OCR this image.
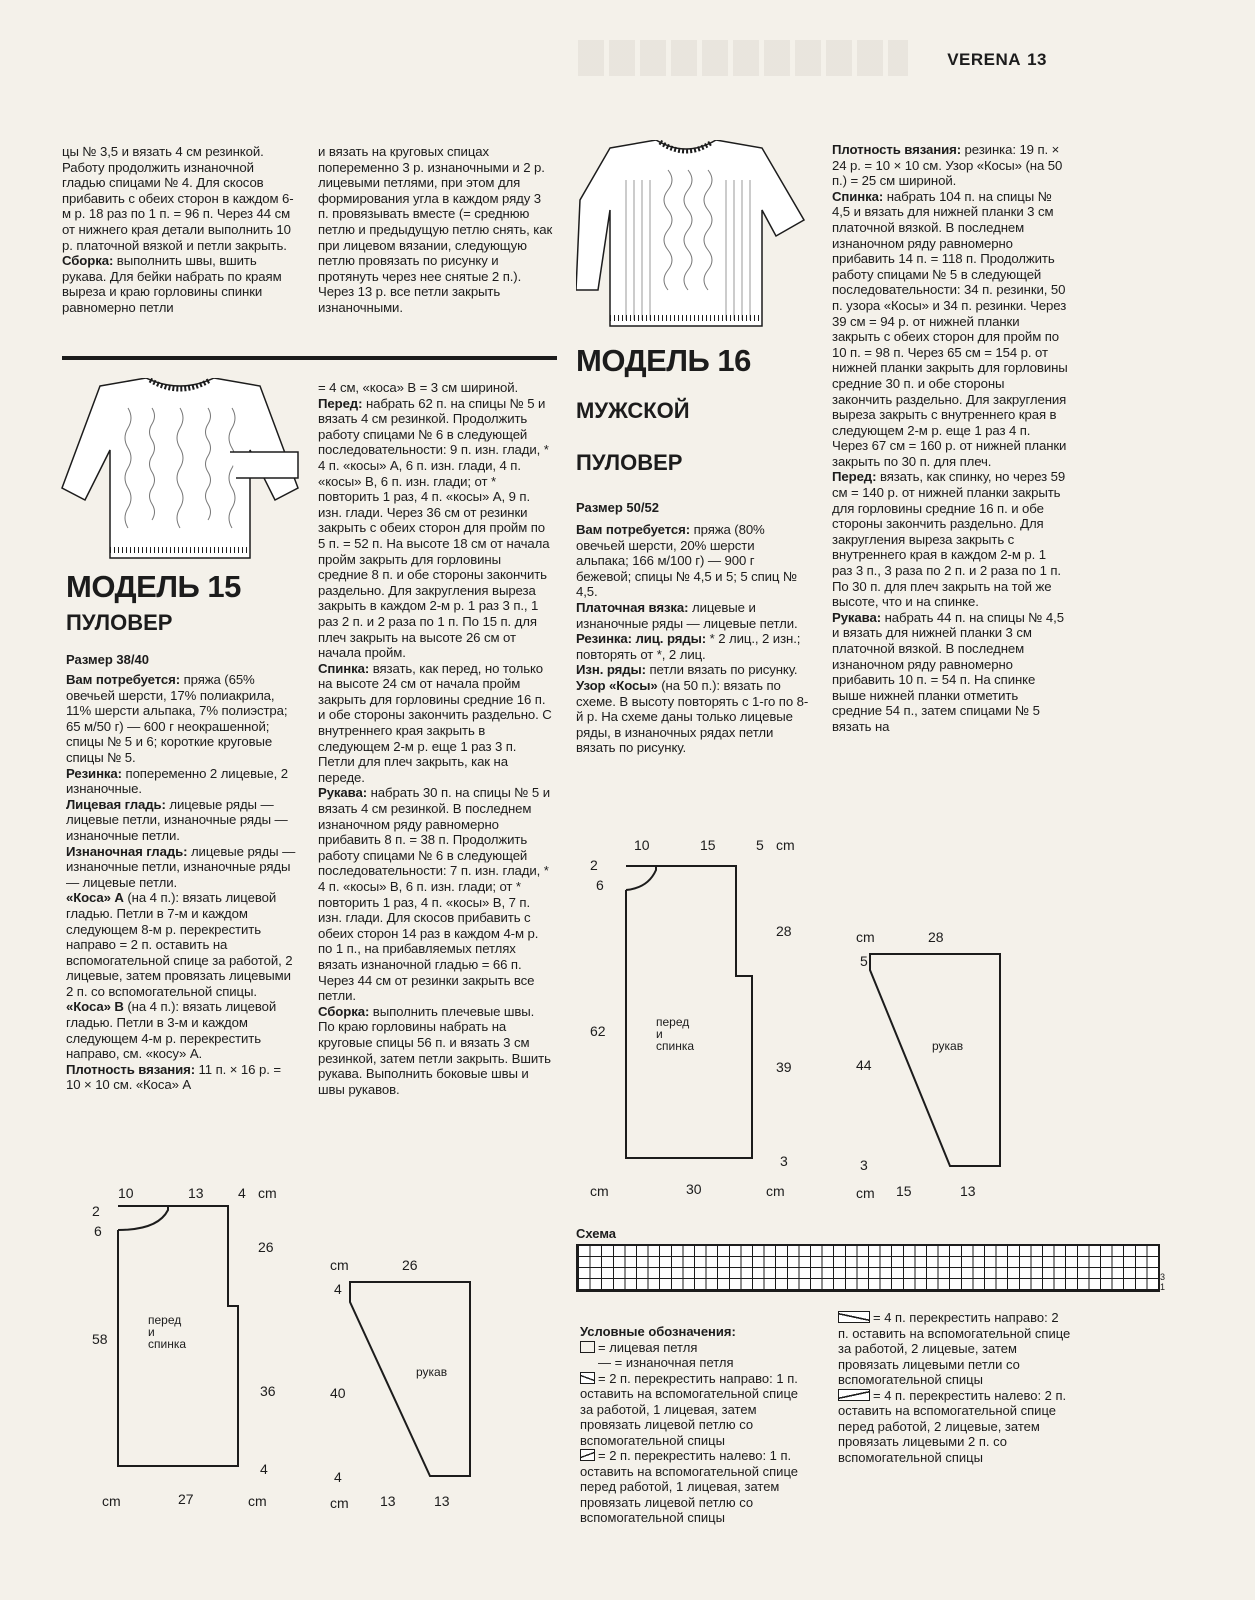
VERENA 13

цы № 3,5 и вязать 4 см резинкой. Работу продолжить изнаночной гладью спицами № 4. Для скосов прибавить с обеих сторон в каждом 6-м р. 18 раз по 1 п. = 96 п. Через 44 см от нижнего края детали выполнить 10 р. платочной вязкой и петли закрыть.

Сборка: выполнить швы, вшить рукава. Для бейки набрать по краям выреза и краю горловины спинки равномерно петли

и вязать на круговых спицах попеременно 3 р. изнаночными и 2 р. лицевыми петлями, при этом для формирования угла в каждом ряду 3 п. провязывать вместе (= среднюю петлю и предыдущую петлю снять, как при лицевом вязании, следующую петлю провязать по рисунку и протянуть через нее снятые 2 п.). Через 13 р. все петли закрыть изнаночными.

МОДЕЛЬ 15
ПУЛОВЕР
Размер 38/40

Вам потребуется: пряжа (65% овечьей шерсти, 17% полиакрила, 11% шерсти альпака, 7% полиэстра; 65 м/50 г) — 600 г неокрашенной; спицы № 5 и 6; короткие круговые спицы № 5.

Резинка: попеременно 2 лицевые, 2 изнаночные.

Лицевая гладь: лицевые ряды — лицевые петли, изнаночные ряды — изнаночные петли.

Изнаночная гладь: лицевые ряды — изнаночные петли, изнаночные ряды — лицевые петли.

«Коса» А (на 4 п.): вязать лицевой гладью. Петли в 7-м и каждом следующем 8-м р. перекрестить направо = 2 п. оставить на вспомогательной спице за работой, 2 лицевые, затем провязать лицевыми 2 п. со вспомогательной спицы.

«Коса» В (на 4 п.): вязать лицевой гладью. Петли в 3-м и каждом следующем 4-м р. перекрестить направо, см. «косу» А.

Плотность вязания: 11 п. × 16 р. = 10 × 10 см. «Коса» А

= 4 см, «коса» В = 3 см шириной.

Перед: набрать 62 п. на спицы № 5 и вязать 4 см резинкой. Продолжить работу спицами № 6 в следующей последовательности: 9 п. изн. глади, * 4 п. «косы» А, 6 п. изн. глади, 4 п. «косы» В, 6 п. изн. глади; от * повторить 1 раз, 4 п. «косы» А, 9 п. изн. глади. Через 36 см от резинки закрыть с обеих сторон для пройм по 5 п. = 52 п. На высоте 18 см от начала пройм закрыть для горловины средние 8 п. и обе стороны закончить раздельно. Для закругления выреза закрыть в каждом 2-м р. 1 раз 3 п., 1 раз 2 п. и 2 раза по 1 п. По 15 п. для плеч закрыть на высоте 26 см от начала пройм.

Спинка: вязать, как перед, но только на высоте 24 см от начала пройм закрыть для горловины средние 16 п. и обе стороны закончить раздельно. С внутреннего края закрыть в следующем 2-м р. еще 1 раз 3 п. Петли для плеч закрыть, как на переде.

Рукава: набрать 30 п. на спицы № 5 и вязать 4 см резинкой. В последнем изнаночном ряду равномерно прибавить 8 п. = 38 п. Продолжить работу спицами № 6 в следующей последовательности: 7 п. изн. глади, * 4 п. «косы» В, 6 п. изн. глади; от * повторить 1 раз, 4 п. «косы» В, 7 п. изн. глади. Для скосов прибавить с обеих сторон 14 раз в каждом 4-м р. по 1 п., на прибавляемых петлях вязать изнаночной гладью = 66 п. Через 44 см от резинки закрыть все петли.

Сборка: выполнить плечевые швы. По краю горловины набрать на круговые спицы 56 п. и вязать 3 см резинкой, затем петли закрыть. Вшить рукава. Выполнить боковые швы и швы рукавов.

10	13 4 cm
2
6
26
58
36
4
перед
и
спинка
cm	27	cm
cm	26
4
рукав
40
4
cm 13	13
МОДЕЛЬ 16
МУЖСКОЙ
ПУЛОВЕР
Размер 50/52

Вам потребуется: пряжа (80% овечьей шерсти, 20% шерсти альпака; 166 м/100 г) — 900 г бежевой; спицы № 4,5 и 5; 5 спиц № 4,5.

Платочная вязка: лицевые и изнаночные ряды — лицевые петли.

Резинка: лиц. ряды: * 2 лиц., 2 изн.; повторять от *, 2 лиц.

Изн. ряды: петли вязать по рисунку.

Узор «Косы» (на 50 п.): вязать по схеме. В высоту повторять с 1-го по 8-й р. На схеме даны только лицевые ряды, в изнаночных рядах петли вязать по рисунку.

Плотность вязания: резинка: 19 п. × 24 р. = 10 × 10 см. Узор «Косы» (на 50 п.) = 25 см шириной.

Спинка: набрать 104 п. на спицы № 4,5 и вязать для нижней планки 3 см платочной вязкой. В последнем изнаночном ряду равномерно прибавить 14 п. = 118 п. Продолжить работу спицами № 5 в следующей последовательности: 34 п. резинки, 50 п. узора «Косы» и 34 п. резинки. Через 39 см = 94 р. от нижней планки закрыть с обеих сторон для пройм по 10 п. = 98 п. Через 65 см = 154 р. от нижней планки закрыть для горловины средние 30 п. и обе стороны закончить раздельно. Для закругления выреза закрыть с внутреннего края в следующем 2-м р. еще 1 раз 4 п. Через 67 см = 160 р. от нижней планки закрыть по 30 п. для плеч.

Перед: вязать, как спинку, но через 59 см = 140 р. от нижней планки закрыть для горловины средние 16 п. и обе стороны закончить раздельно. Для закругления выреза закрыть с внутреннего края в каждом 2-м р. 1 раз 3 п., 3 раза по 2 п. и 2 раза по 1 п. По 30 п. для плеч закрыть на той же высоте, что и на спинке.

Рукава: набрать 44 п. на спицы № 4,5 и вязать для нижней планки 3 см платочной вязкой. В последнем изнаночном ряду равномерно прибавить 10 п. = 54 п. На спинке выше нижней планки отметить средние 54 п., затем спицами № 5 вязать на

10	15	5 cm
2
6
28
62
39
3
перед
и
спинка
cm	30	cm
cm	28
5
рукав
44
3
cm 15	13
Схема
3
1
Условные обозначения:
= лицевая петля
— = изнаночная петля
= 2 п. перекрестить направо: 1 п. оставить на вспомогательной спице за работой, 1 лицевая, затем провязать лицевой петлю со вспомогательной спицы
= 2 п. перекрестить налево: 1 п. оставить на вспомогательной спице перед работой, 1 лицевая, затем провязать лицевой петлю со вспомогательной спицы
= 4 п. перекрестить направо: 2 п. оставить на вспомогательной спице за работой, 2 лицевые, затем провязать лицевыми петли со вспомогательной спицы
= 4 п. перекрестить налево: 2 п. оставить на вспомогательной спице перед работой, 2 лицевые, затем провязать лицевыми 2 п. со вспомогательной спицы
